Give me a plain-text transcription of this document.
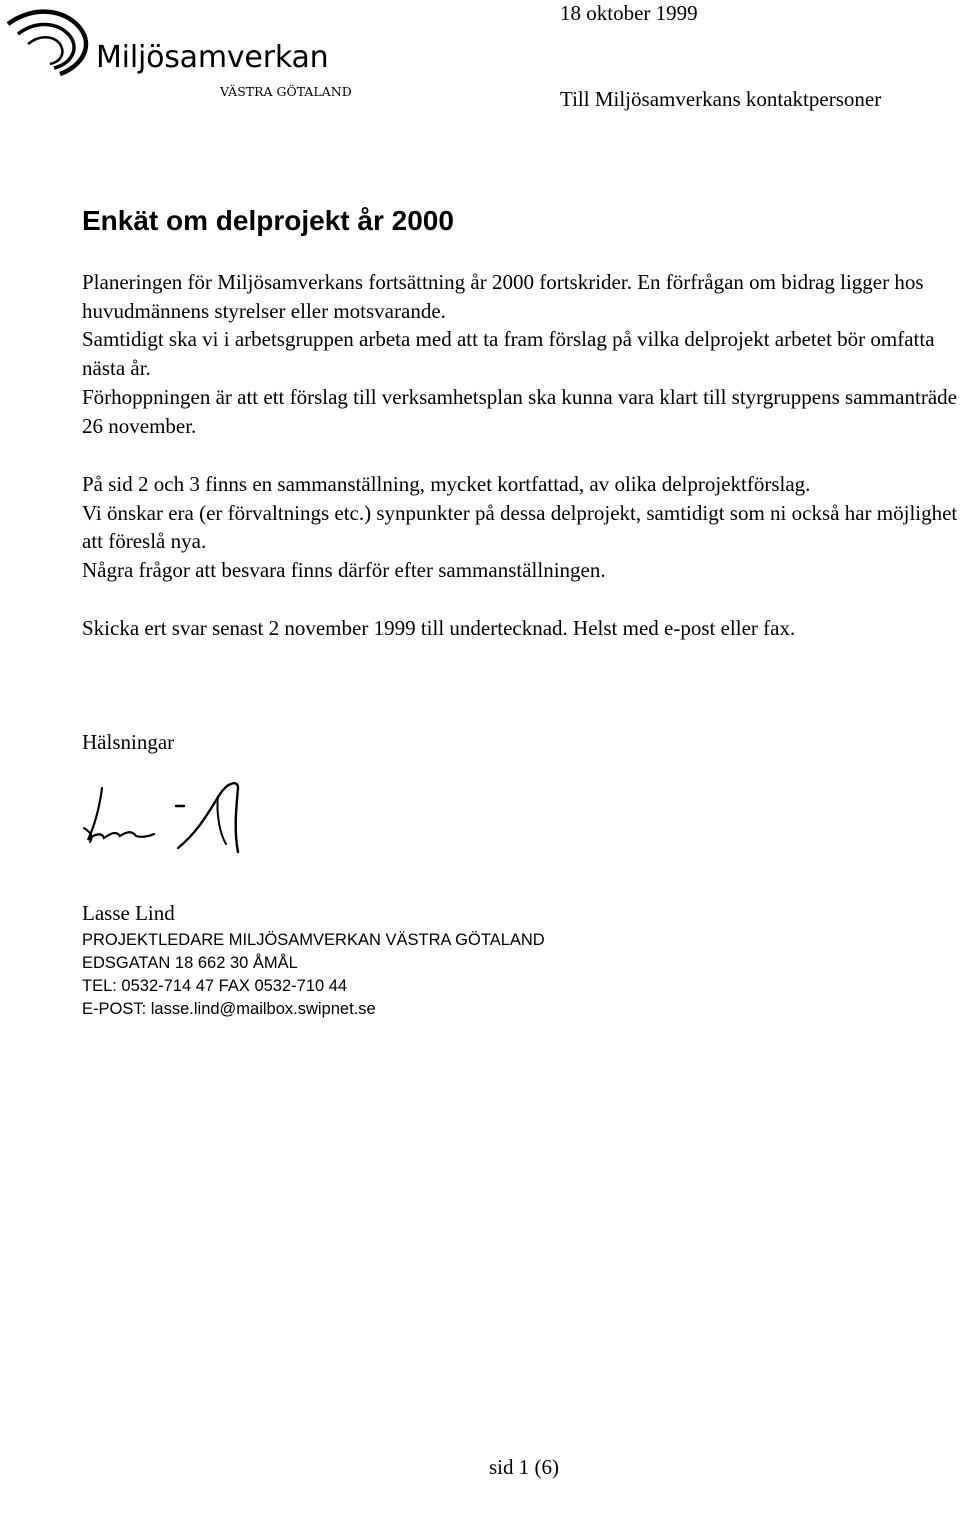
Miljösamverkan
VÄSTRA GÖTALAND
18 oktober 1999
Till Miljösamverkans kontaktpersoner
Enkät om delprojekt år 2000

Planeringen för Miljösamverkans fortsättning år 2000 fortskrider. En förfrågan om bidrag ligger hos huvudmännens styrelser eller motsvarande.

Samtidigt ska vi i arbetsgruppen arbeta med att ta fram förslag på vilka delprojekt arbetet bör omfatta nästa år.

Förhoppningen är att ett förslag till verksamhetsplan ska kunna vara klart till styrgruppens sammanträde 26 november.

På sid 2 och 3 finns en sammanställning, mycket kortfattad, av olika delprojektförslag.

Vi önskar era (er förvaltnings etc.) synpunkter på dessa delprojekt, samtidigt som ni också har möjlighet att föreslå nya.

Några frågor att besvara finns därför efter sammanställningen.

Skicka ert svar senast 2 november 1999 till undertecknad. Helst med e-post eller fax.

Hälsningar
Lasse Lind
PROJEKTLEDARE MILJÖSAMVERKAN VÄSTRA GÖTALAND
EDSGATAN 18 662 30 ÅMÅL
TEL: 0532-714 47 FAX 0532-710 44
E-POST: lasse.lind@mailbox.swipnet.se
sid 1 (6)
